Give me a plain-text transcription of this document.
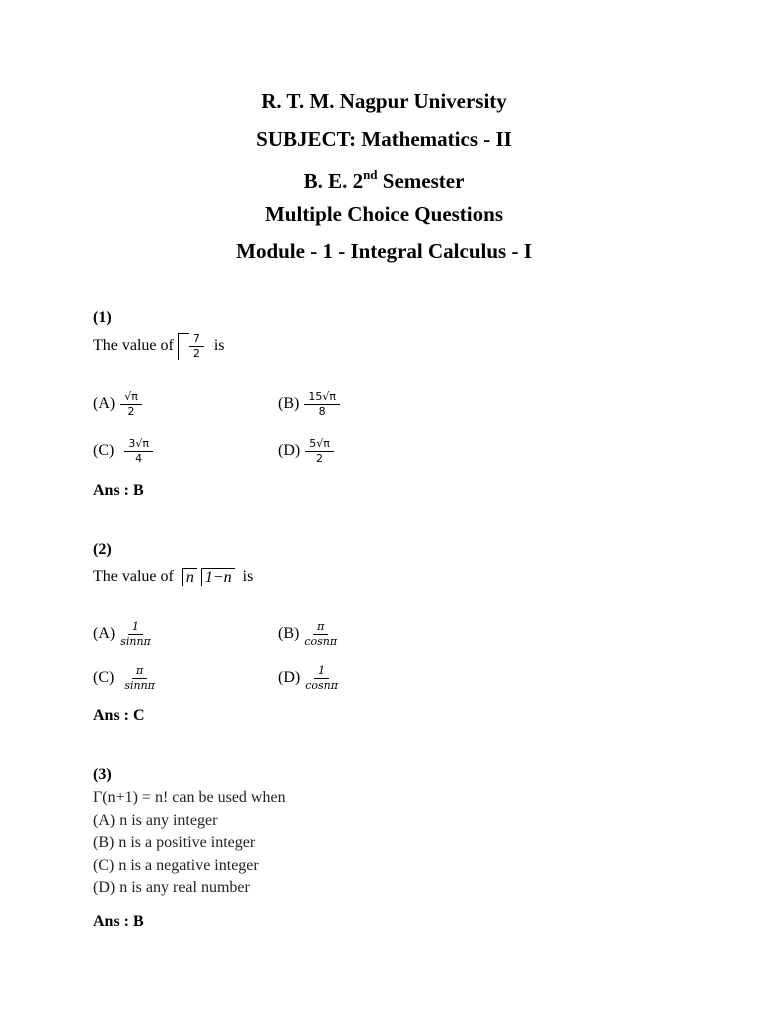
R. T. M. Nagpur University
SUBJECT: Mathematics - II
B. E. 2nd Semester
Multiple Choice Questions
Module - 1 - Integral Calculus - I
(1)
The value of $\frac{7}{2}$ is
$(A) \frac{√\pi}{2}$	$(B) \frac{15√\pi}{8}$
$(C) \frac{3√\pi}{4}$	$(D) \frac{5√\pi}{2}$
Ans : B
(2)
The value of n 1−n is
$(A) \frac{1}{\sin n\pi}$	$(B) \frac{\pi}{\cos n\pi}$
$(C) \frac{\pi}{\sin n\pi}$	$(D) \frac{1}{\cos n\pi}$
Ans : C
(3)
Γ(n+1) = n! can be used when
(A) n is any integer
(B) n is a positive integer
(C) n is a negative integer
(D) n is any real number
Ans : B
